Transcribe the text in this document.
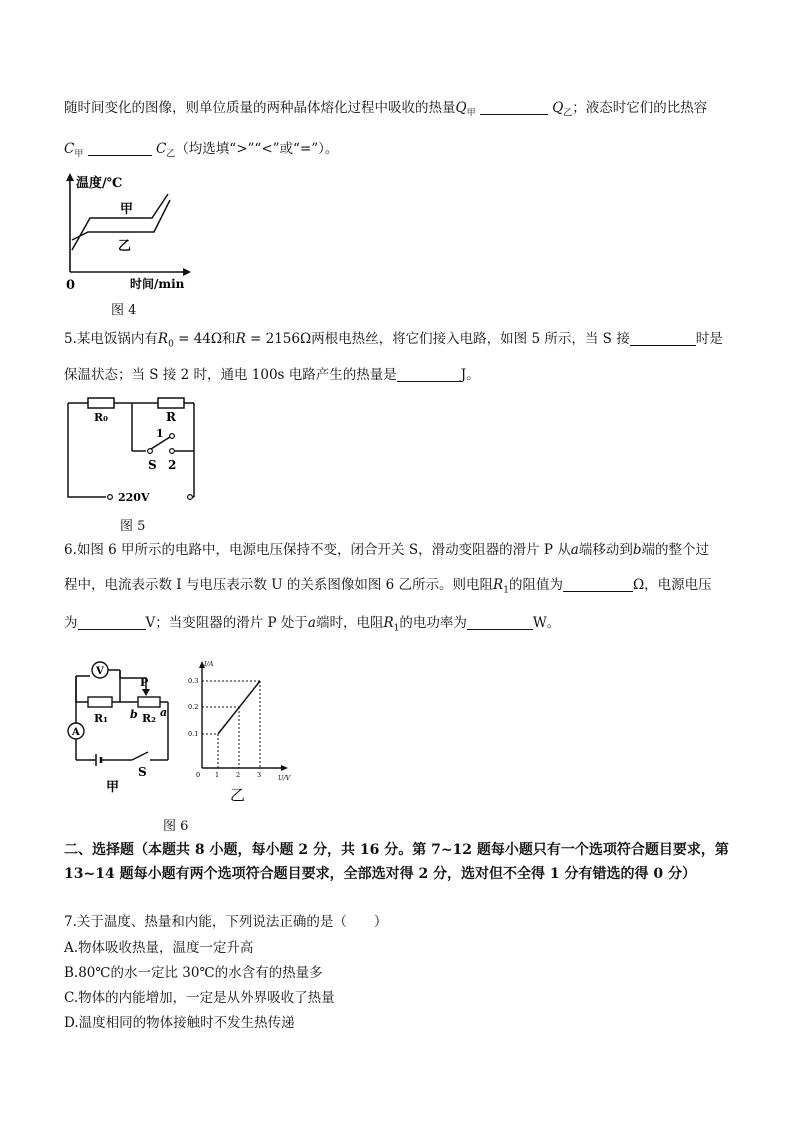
随时间变化的图像，则单位质量的两种晶体熔化过程中吸收的热量$Q_甲$	$Q_乙$；液态时它们的比热容
$C_甲$	$C_乙$（均选填“>”“<”或“=”）。
温度/℃
时间/min
0
甲
乙
图 4
5.某电饭锅内有$R_0 = 44\Omega$和R = 2156Ω两根电热丝，将它们接入电路，如图 5 所示，当 S 接	时是
保温状态；当 S 接 2 时，通电 100s 电路产生的热量是	J。
R₀	R
1
S 2
220V
图 5
6.如图 6 甲所示的电路中，电源电压保持不变，闭合开关 S，滑动变阻器的滑片 P 从a端移动到b端的整个过
程中，电流表示数 I 与电压表示数 U 的关系图像如图 6 乙所示。则电阻$R_1$的阻值为	Ω，电源电压
为	V；当变阻器的滑片 P 处于a端时，电阻$R_1$的电功率为	W。
V
R₁ b R₂ a
P
A
S
甲
I/A
U/V
0.3
0.2
0.1
0 1	2	3
乙
图 6
二、选择题（本题共 8 小题，每小题 2 分，共 16 分。第 7~12 题每小题只有一个选项符合题目要求，第 13~14 题每小题有两个选项符合题目要求，全部选对得 2 分，选对但不全得 1 分有错选的得 0 分）
7.关于温度、热量和内能，下列说法正确的是（　　）
A.物体吸收热量，温度一定升高
B.80℃的水一定比 30℃的水含有的热量多
C.物体的内能增加，一定是从外界吸收了热量
D.温度相同的物体接触时不发生热传递
